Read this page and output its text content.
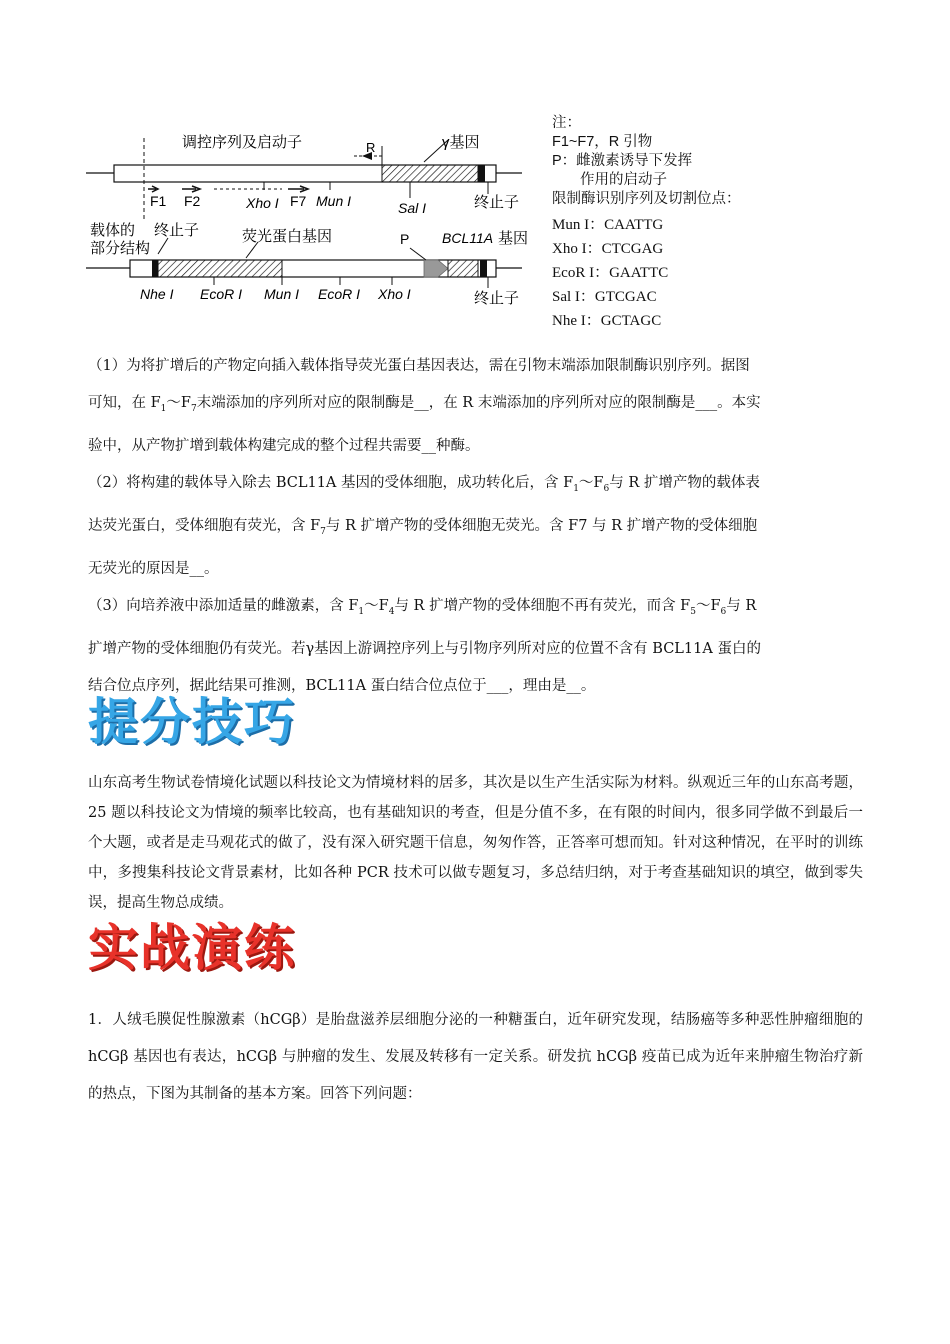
调控序列及启动子	R	γ基因
F1 F2	Xho I F7 Mun I	Sal I	终止子
载体的
部分结构
终止子	荧光蛋白基因	P BCL11A 基因
Nhe I EcoR I Mun I EcoR I Xho I	终止子
注：
F1~F7，R 引物
P：雌激素诱导下发挥
作用的启动子
限制酶识别序列及切割位点：
Mun I：CAATTG
Xho I：CTCGAG
EcoR I：GAATTC
Sal I：GTCGAC
Nhe I：GCTAGC

（1）为将扩增后的产物定向插入载体指导荧光蛋白基因表达，需在引物末端添加限制酶识别序列。据图

可知，在 $F_1\sim F_7$末端添加的序列所对应的限制酶是__，在 R 末端添加的序列所对应的限制酶是___。本实

验中，从产物扩增到载体构建完成的整个过程共需要__种酶。

（2）将构建的载体导入除去 BCL11A 基因的受体细胞，成功转化后，含 $F_1\sim F_6$与 R 扩增产物的载体表

达荧光蛋白，受体细胞有荧光，含 $F_7$与 R 扩增产物的受体细胞无荧光。含 F7 与 R 扩增产物的受体细胞

无荧光的原因是__。

（3）向培养液中添加适量的雌激素，含 $F_1\sim F_4$与 R 扩增产物的受体细胞不再有荧光，而含 $F_5\sim F_6$与 R

扩增产物的受体细胞仍有荧光。若γ基因上游调控序列上与引物序列所对应的位置不含有 BCL11A 蛋白的

结合位点序列，据此结果可推测，BCL11A 蛋白结合位点位于___，理由是__。

提分技巧
山东高考生物试卷情境化试题以科技论文为情境材料的居多，其次是以生产生活实际为材料。纵观近三年的山东高考题，25 题以科技论文为情境的频率比较高，也有基础知识的考查，但是分值不多，在有限的时间内，很多同学做不到最后一个大题，或者是走马观花式的做了，没有深入研究题干信息，匆匆作答，正答率可想而知。针对这种情况，在平时的训练中，多搜集科技论文背景素材，比如各种 PCR 技术可以做专题复习，多总结归纳，对于考查基础知识的填空，做到零失误，提高生物总成绩。
实战演练
1．人绒毛膜促性腺激素（hCGβ）是胎盘滋养层细胞分泌的一种糖蛋白，近年研究发现，结肠癌等多种恶性肿瘤细胞的 hCGβ 基因也有表达，hCGβ 与肿瘤的发生、发展及转移有一定关系。研发抗 hCGβ 疫苗已成为近年来肿瘤生物治疗新的热点，下图为其制备的基本方案。回答下列问题：
